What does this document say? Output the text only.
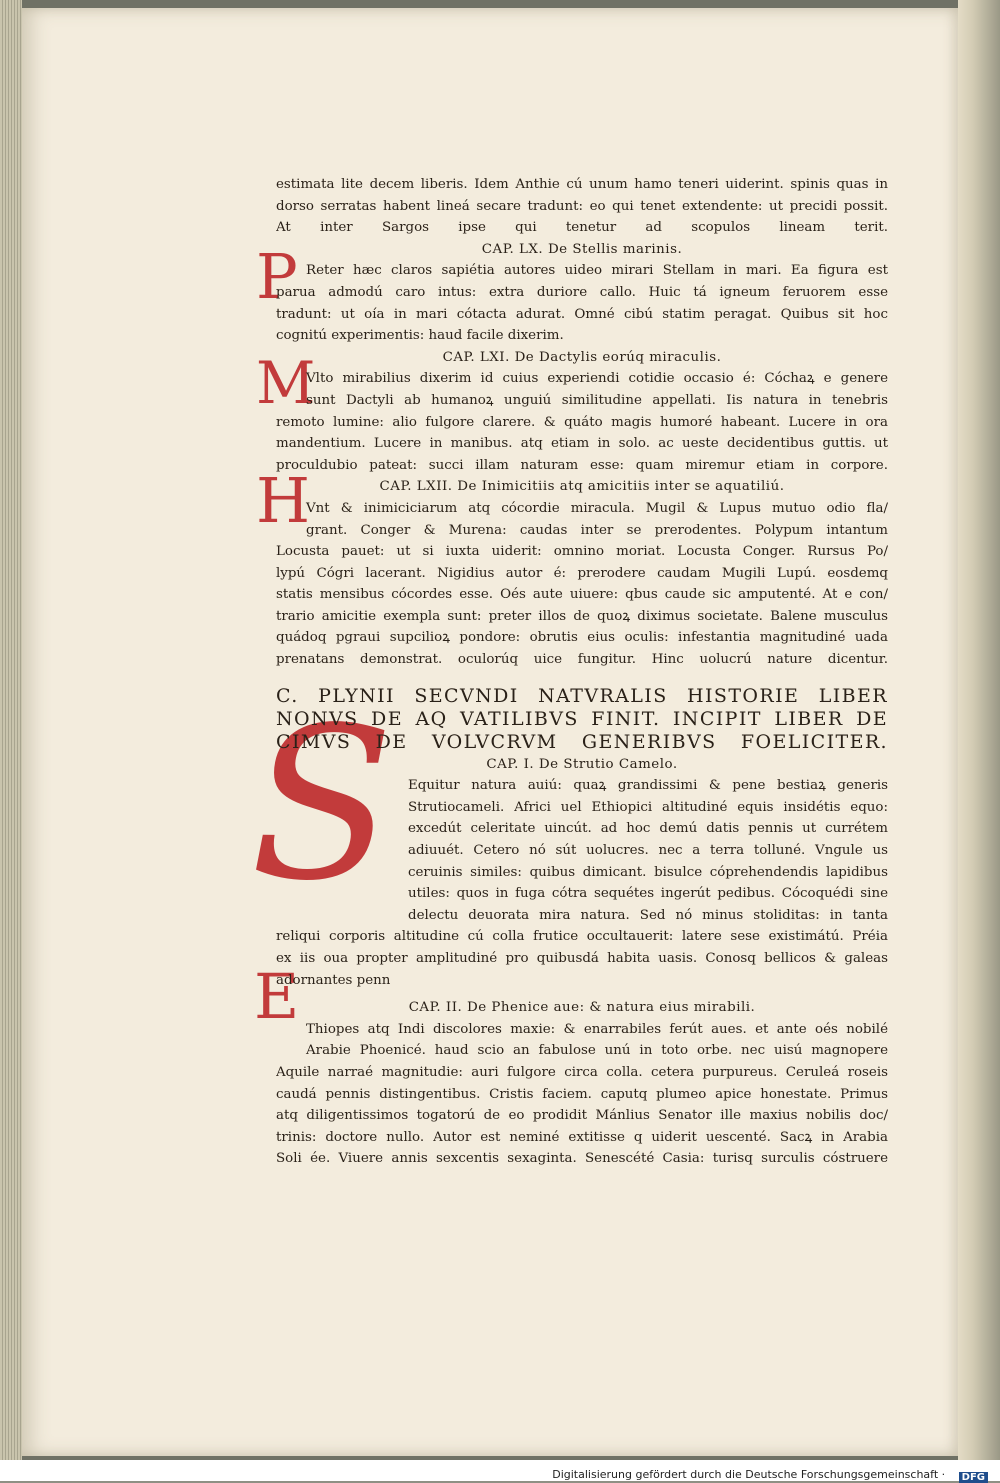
P
M
H
S
E
estimata lite decem liberis. Idem Anthie cú unum hamo teneri uiderint. spinis quas in
dorso serratas habent lineá secare tradunt: eo qui tenet extendente: ut precidi possit.
At inter Sargos ipse qui tenetur ad scopulos lineam terit.
CAP. LX. De Stellis marinis.
Reter hæc claros sapiétia autores uideo mirari Stellam in mari. Ea figura est
parua admodú caro intus: extra duriore callo. Huic tá igneum feruorem esse
tradunt: ut oía in mari cótacta adurat. Omné cibú statim peragat. Quibus sit hoc
cognitú experimentis: haud facile dixerim.
CAP. LXI. De Dactylis eorúq miraculis.
Vlto mirabilius dixerim id cuius experiendi cotidie occasio é: Cóchaꝝ e genere
sunt Dactyli ab humanoꝝ unguiú similitudine appellati. Iis natura in tenebris
remoto lumine: alio fulgore clarere. & quáto magis humoré habeant. Lucere in ora
mandentium. Lucere in manibus. atq etiam in solo. ac ueste decidentibus guttis. ut
proculdubio pateat: succi illam naturam esse: quam miremur etiam in corpore.
CAP. LXII. De Inimicitiis atq amicitiis inter se aquatiliú.
Vnt & inimiciciarum atq cócordie miracula. Mugil & Lupus mutuo odio fla/
grant. Conger & Murena: caudas inter se prerodentes. Polypum intantum
Locusta pauet: ut si iuxta uiderit: omnino moriat. Locusta Conger. Rursus Po/
lypú Cógri lacerant. Nigidius autor é: prerodere caudam Mugili Lupú. eosdemq
statis mensibus cócordes esse. Oés aute uiuere: qbus caude sic amputenté. At e con/
trario amicitie exempla sunt: preter illos de quoꝝ diximus societate. Balene musculus
quádoq pgraui supcilioꝝ pondore: obrutis eius oculis: infestantia magnitudiné uada
prenatans demonstrat. oculorúq uice fungitur. Hinc uolucrú nature dicentur.
C. PLYNII SECVNDI NATVRALIS HISTORIE LIBER
NONVS DE AQ VATILIBVS FINIT. INCIPIT LIBER DE
CIMVS DE VOLVCRVM GENERIBVS FOELICITER.
CAP. I. De Strutio Camelo.
Equitur natura auiú: quaꝝ grandissimi & pene bestiaꝝ generis
Strutiocameli. Africi uel Ethiopici altitudiné equis insidétis equo:
excedút celeritate uincút. ad hoc demú datis pennis ut currétem
adiuuét. Cetero nó sút uolucres. nec a terra tolluné. Vngule us
ceruinis similes: quibus dimicant. bisulce cóprehendendis lapidibus
utiles: quos in fuga cótra sequétes ingerút pedibus. Cócoquédi sine
delectu deuorata mira natura. Sed nó minus stoliditas: in tanta
reliqui corporis altitudine cú colla frutice occultauerit: latere sese existimátú. Préia
ex iis oua propter amplitudiné pro quibusdá habita uasis. Conosq bellicos & galeas
adornantes penn
CAP. II. De Phenice aue: & natura eius mirabili.
Thiopes atq Indi discolores maxie: & enarrabiles ferút aues. et ante oés nobilé
Arabie Phoenicé. haud scio an fabulose unú in toto orbe. nec uisú magnopere
Aquile narraé magnitudie: auri fulgore circa colla. cetera purpureus. Ceruleá roseis
caudá pennis distingentibus. Cristis faciem. caputq plumeo apice honestate. Primus
atq diligentissimos togatorú de eo prodidit Mánlius Senator ille maxius nobilis doc/
trinis: doctore nullo. Autor est neminé extitisse q uiderit uescenté. Sacꝝ in Arabia
Soli ée. Viuere annis sexcentis sexaginta. Senescété Casia: turisq surculis cóstruere
Digitalisierung gefördert durch die Deutsche Forschungsgemeinschaft · DFG
